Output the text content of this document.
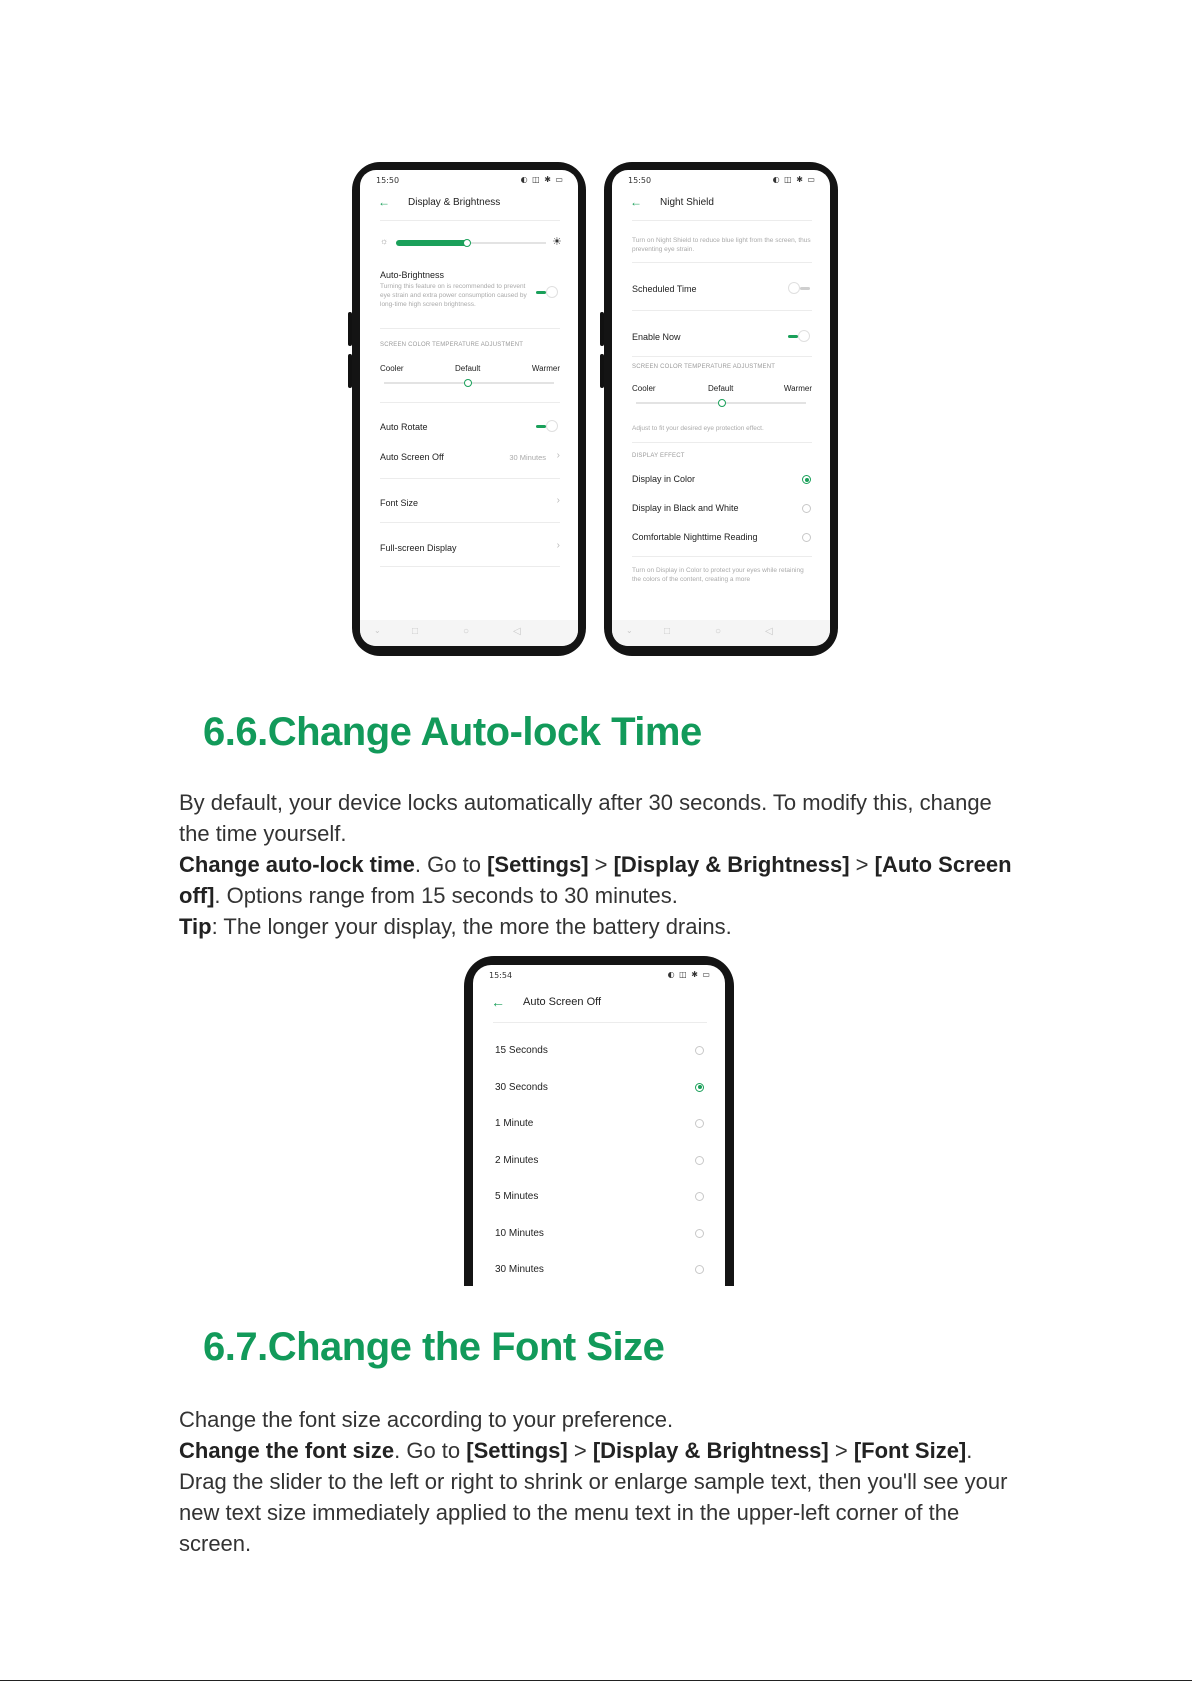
15:50	◐ ◫ ✱ ▭
← Display & Brightness
☼	☀
Auto-Brightness
Turning this feature on is recommended to prevent eye strain and extra power consumption caused by long-time high screen brightness.
SCREEN COLOR TEMPERATURE ADJUSTMENT
Cooler	Default	Warmer
Auto Rotate
Auto Screen Off	30 Minutes ›
Font Size	›
Full-screen Display	›
⌄	□	○	◁
15:50	◐ ◫ ✱ ▭
← Night Shield
Turn on Night Shield to reduce blue light from the screen, thus preventing eye strain.
Scheduled Time
Enable Now
SCREEN COLOR TEMPERATURE ADJUSTMENT
Cooler	Default	Warmer
Adjust to fit your desired eye protection effect.
DISPLAY EFFECT
Display in Color
Display in Black and White
Comfortable Nighttime Reading
Turn on Display in Color to protect your eyes while retaining the colors of the content, creating a more
⌄	□	○	◁
6.6.Change Auto-lock Time

By default, your device locks automatically after 30 seconds. To modify this, change the time yourself.

Change auto-lock time. Go to [Settings] > [Display & Brightness] > [Auto Screen off]. Options range from 15 seconds to 30 minutes.

Tip: The longer your display, the more the battery drains.

15:54	◐ ◫ ✱ ▭
← Auto Screen Off
15 Seconds
30 Seconds
1 Minute
2 Minutes
5 Minutes
10 Minutes
30 Minutes
6.7.Change the Font Size

Change the font size according to your preference.

Change the font size. Go to [Settings] > [Display & Brightness] > [Font Size]. Drag the slider to the left or right to shrink or enlarge sample text, then you'll see your new text size immediately applied to the menu text in the upper-left corner of the screen.
